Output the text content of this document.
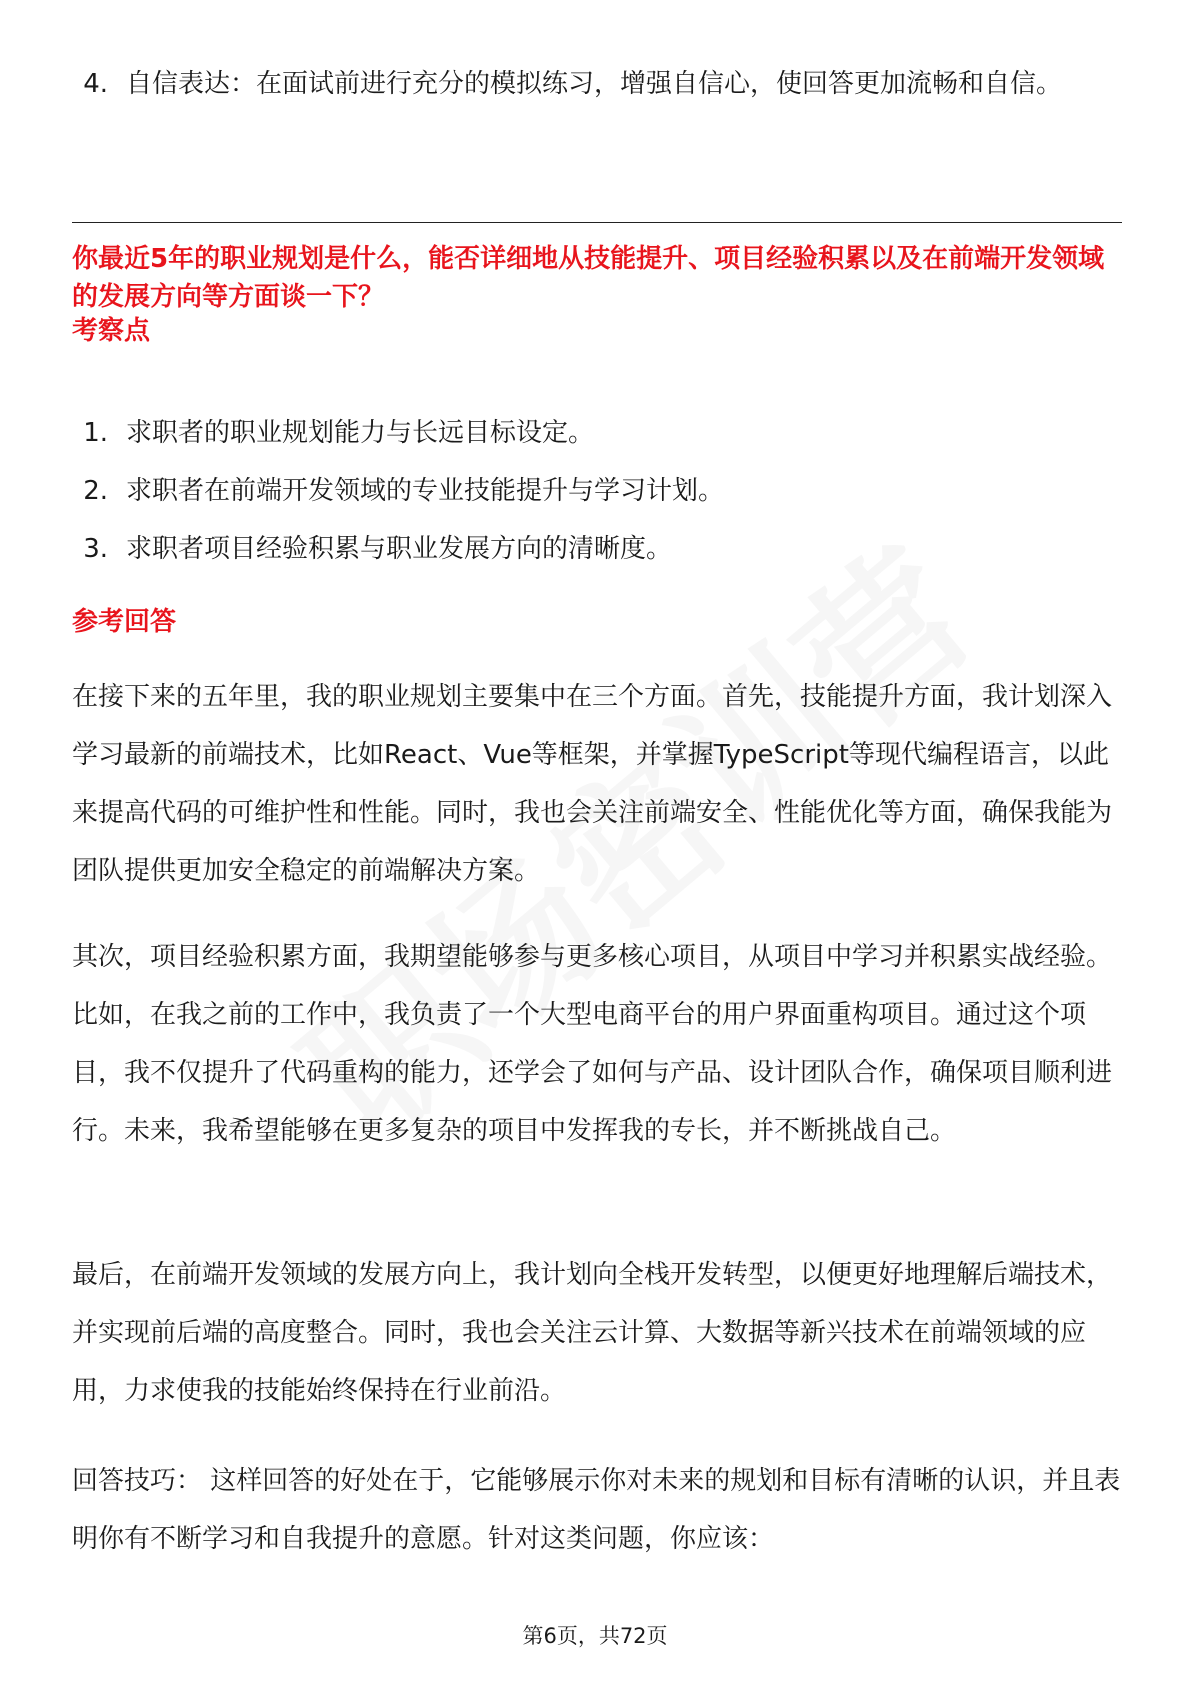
4. 自信表达：在面试前进行充分的模拟练习，增强自信心，使回答更加流畅和自信。
你最近5年的职业规划是什么，能否详细地从技能提升、项目经验积累以及在前端开发领域的发展方向等方面谈一下？
考察点
1. 求职者的职业规划能力与长远目标设定。
2. 求职者在前端开发领域的专业技能提升与学习计划。
3. 求职者项目经验积累与职业发展方向的清晰度。
参考回答

在接下来的五年里，我的职业规划主要集中在三个方面。首先，技能提升方面，我计划深入学习最新的前端技术，比如React、Vue等框架，并掌握TypeScript等现代编程语言，以此来提高代码的可维护性和性能。同时，我也会关注前端安全、性能优化等方面，确保我能为团队提供更加安全稳定的前端解决方案。

其次，项目经验积累方面，我期望能够参与更多核心项目，从项目中学习并积累实战经验。比如，在我之前的工作中，我负责了一个大型电商平台的用户界面重构项目。通过这个项目，我不仅提升了代码重构的能力，还学会了如何与产品、设计团队合作，确保项目顺利进行。未来，我希望能够在更多复杂的项目中发挥我的专长，并不断挑战自己。

最后，在前端开发领域的发展方向上，我计划向全栈开发转型，以便更好地理解后端技术，并实现前后端的高度整合。同时，我也会关注云计算、大数据等新兴技术在前端领域的应用，力求使我的技能始终保持在行业前沿。

回答技巧： 这样回答的好处在于，它能够展示你对未来的规划和目标有清晰的认识，并且表明你有不断学习和自我提升的意愿。针对这类问题，你应该：

第6页，共72页
